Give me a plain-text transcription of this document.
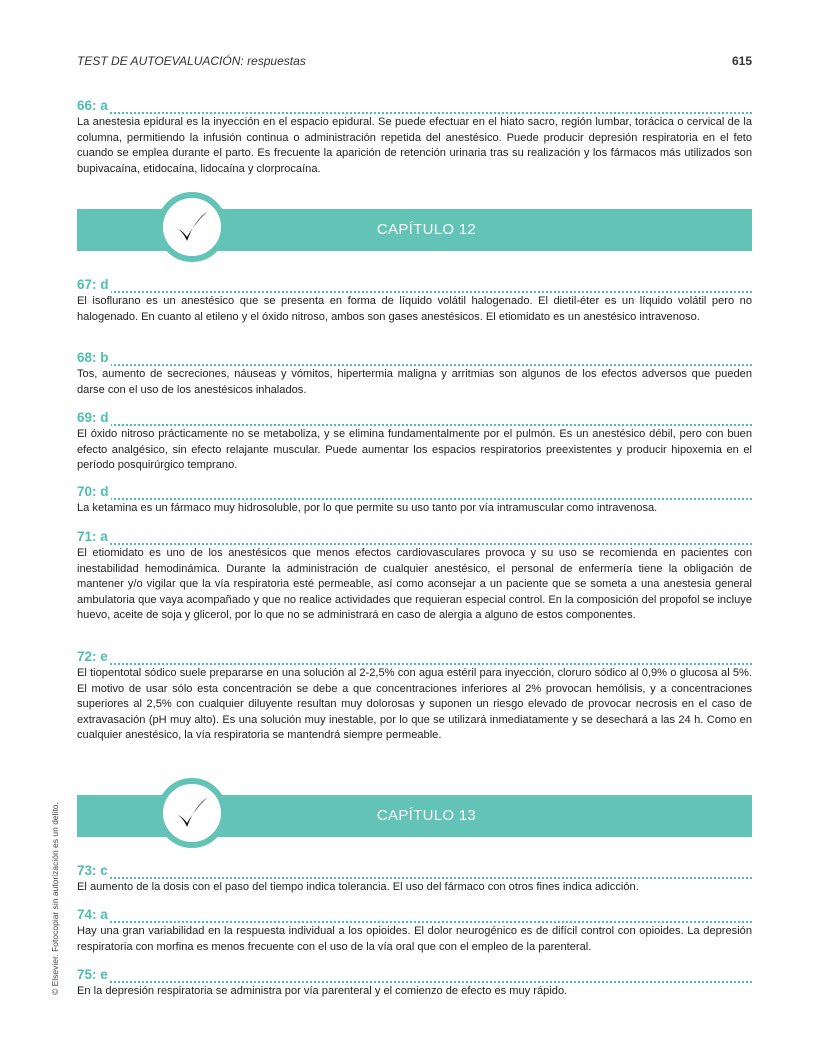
TEST DE AUTOEVALUACIÓN: respuestas	615
66: a
La anestesia epidural es la inyección en el espacio epidural. Se puede efectuar en el hiato sacro, región lumbar, torácica o cervical de la columna, permitiendo la infusión continua o administración repetida del anestésico. Puede producir depresión respiratoria en el feto cuando se emplea durante el parto. Es frecuente la aparición de retención urinaria tras su realización y los fármacos más utilizados son bupivacaína, etidocaína, lidocaína y clorprocaína.
CAPÍTULO 12
67: d
El isoflurano es un anestésico que se presenta en forma de líquido volátil halogenado. El dietil-éter es un líquido volátil pero no halogenado. En cuanto al etileno y el óxido nitroso, ambos son gases anestésicos. El etiomidato es un anestésico intravenoso.
68: b
Tos, aumento de secreciones, náuseas y vómitos, hipertermia maligna y arritmias son algunos de los efectos adversos que pueden darse con el uso de los anestésicos inhalados.
69: d
El óxido nitroso prácticamente no se metaboliza, y se elimina fundamentalmente por el pulmón. Es un anestésico débil, pero con buen efecto analgésico, sin efecto relajante muscular. Puede aumentar los espacios respiratorios preexistentes y producir hipoxemia en el período posquirúrgico temprano.
70: d
La ketamina es un fármaco muy hidrosoluble, por lo que permite su uso tanto por vía intramuscular como intravenosa.
71: a
El etiomidato es uno de los anestésicos que menos efectos cardiovasculares provoca y su uso se recomienda en pacientes con inestabilidad hemodinámica. Durante la administración de cualquier anestésico, el personal de enfermería tiene la obligación de mantener y/o vigilar que la vía respiratoria esté permeable, así como aconsejar a un paciente que se someta a una anestesia general ambulatoria que vaya acompañado y que no realice actividades que requieran especial control. En la composición del propofol se incluye huevo, aceite de soja y glicerol, por lo que no se administrará en caso de alergia a alguno de estos componentes.
72: e
El tiopentotal sódico suele prepararse en una solución al 2-2,5% con agua estéril para inyección, cloruro sódico al 0,9% o glucosa al 5%. El motivo de usar sólo esta concentración se debe a que concentraciones inferiores al 2% provocan hemólisis, y a concentraciones superiores al 2,5% con cualquier diluyente resultan muy dolorosas y suponen un riesgo elevado de provocar necrosis en el caso de extravasación (pH muy alto). Es una solución muy inestable, por lo que se utilizará inmediatamente y se desechará a las 24 h. Como en cualquier anestésico, la vía respiratoria se mantendrá siempre permeable.
CAPÍTULO 13
73: c
El aumento de la dosis con el paso del tiempo indica tolerancia. El uso del fármaco con otros fines indica adicción.
74: a
Hay una gran variabilidad en la respuesta individual a los opioides. El dolor neurogénico es de difícil control con opioides. La depresión respiratoria con morfina es menos frecuente con el uso de la vía oral que con el empleo de la parenteral.
75: e
En la depresión respiratoria se administra por vía parenteral y el comienzo de efecto es muy rápido.
© Elsevier. Fotocopiar sin autorización es un delito.
